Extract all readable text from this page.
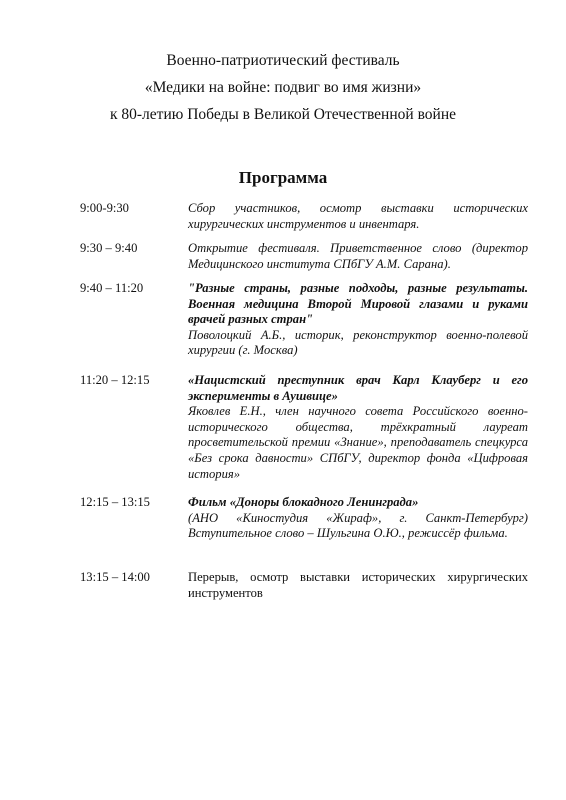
Военно-патриотический фестиваль
«Медики на войне: подвиг во имя жизни»
к 80-летию Победы в Великой Отечественной войне
Программа
9:00-9:30	Сбор участников, осмотр выставки исторических хирургических инструментов и инвентаря.
9:30 – 9:40	Открытие фестиваля. Приветственное слово (директор Медицинского института СПбГУ А.М. Сарана).
9:40 – 11:20	"Разные страны, разные подходы, разные результаты. Военная медицина Второй Мировой глазами и руками врачей разных стран"

Поволоцкий А.Б., историк, реконструктор военно-полевой хирургии (г. Москва)

11:20 – 12:15	«Нацистский преступник врач Карл Клауберг и его эксперименты в Аушвице»

Яковлев Е.Н., член научного совета Российского военно-исторического общества, трёхкратный лауреат просветительской премии «Знание», преподаватель спецкурса «Без срока давности» СПбГУ, директор фонда «Цифровая история»

12:15 – 13:15	Фильм «Доноры блокадного Ленинграда»

(АНО «Киностудия «Жираф», г. Санкт-Петербург) Вступительное слово – Шульгина О.Ю., режиссёр фильма.

13:15 – 14:00	Перерыв, осмотр выставки исторических хирургических инструментов
